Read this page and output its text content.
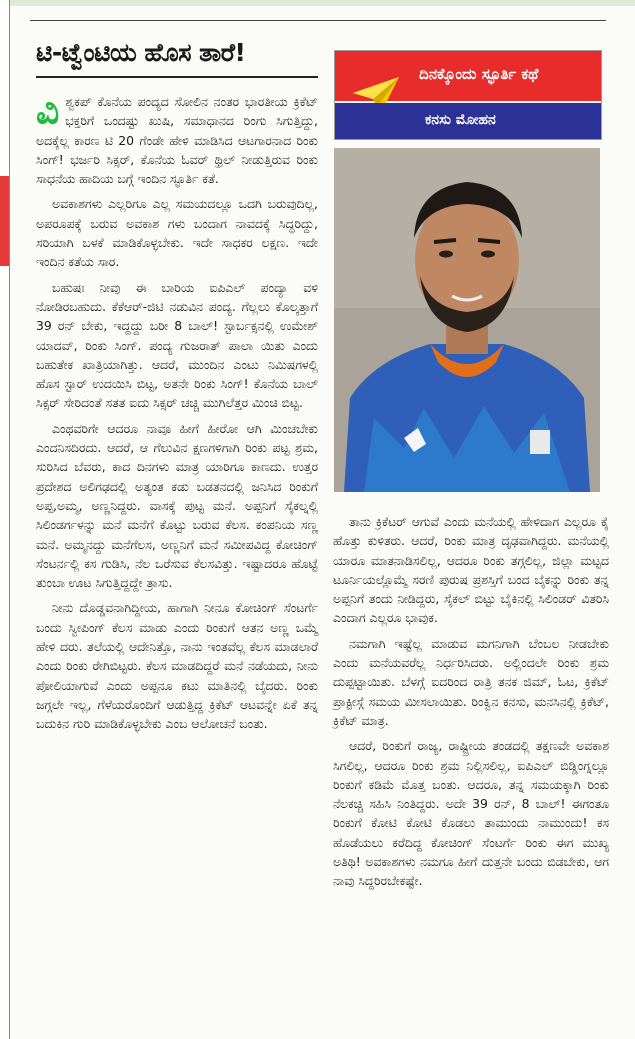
ಟಿ-ಟ್ವೆಂಟಿಯ ಹೊಸ ತಾರೆ!
ದಿನಕ್ಕೊಂದು ಸ್ಫೂರ್ತಿ ಕಥೆ
ಕನಸು ಮೋಹನ

ವಿಶ್ವಕಪ್ ಕೊನೆಯ ಪಂದ್ಯದ ಸೋಲಿನ ನಂತರ ಭಾರತೀಯ ಕ್ರಿಕೆಟ್ ಭಕ್ತರಿಗೆ ಒಂದಷ್ಟು ಖುಷಿ, ಸಮಾಧಾನದ ರಿಂಗು ಸಿಗುತ್ತಿದ್ದು, ಅದಕ್ಕೆಲ್ಲ ಕಾರಣ ಟಿ 20 ಗೆಂಡೇ ಹೇಳಿ ಮಾಡಿಸಿದ ಆಟಗಾರನಾದ ರಿಂಕು ಸಿಂಗ್! ಭರ್ಜರಿ ಸಿಕ್ಸರ್, ಕೊನೆಯ ಓವರ್ ಥ್ರಿಲ್ ನೀಡುತ್ತಿರುವ ರಿಂಕು ಸಾಧನೆಯ ಹಾದಿಯ ಬಗ್ಗೆ ಇಂದಿನ ಸ್ಫೂರ್ತಿ ಕತೆ.

ಅವಕಾಶಗಳು ಎಲ್ಲರಿಗೂ ಎಲ್ಲ ಸಮಯದಲ್ಲೂ ಒದಗಿ ಬರುವುದಿಲ್ಲ, ಅಪರೂಪಕ್ಕೆ ಬರುವ ಅವಕಾಶ ಗಳು ಬಂದಾಗ ನಾವದಕ್ಕೆ ಸಿದ್ಧರಿದ್ದು, ಸರಿಯಾಗಿ ಬಳಕೆ ಮಾಡಿಕೊಳ್ಳಬೇಕು. ಇದೇ ಸಾಧಕರ ಲಕ್ಷಣ. ಇದೇ ಇಂದಿನ ಕತೆಯ ಸಾರ.

ಬಹುಷಃ ನೀವು ಈ ಬಾರಿಯ ಐಪಿಎಲ್ ಪಂದ್ಯಾ ವಳಿ ನೋಡಿರಬಹುದು. ಕೆಕೆಆರ್-ಜಿಟಿ ನಡುವಿನ ಪಂದ್ಯ. ಗೆಲ್ಲಲು ಕೊಲ್ಕತ್ತಾಗೆ 39 ರನ್ ಬೇಕು, ಇದ್ದದ್ದು ಬರೀ 8 ಬಾಲ್! ಸ್ಟಾರ್ಬಕ್ಸನಲ್ಲಿ ಉಮೇಶ್ ಯಾದವ್, ರಿಂಕು ಸಿಂಗ್. ಪಂದ್ಯ ಗುಜರಾತ್ ಪಾಲಾ ಯಿತು ಎಂದು ಬಹುತೇಕ ಖಾತ್ರಿಯಾಗಿತ್ತು. ಆದರೆ, ಮುಂದಿನ ಎಂಟು ನಿಮಿಷಗಳಲ್ಲಿ ಹೊಸ ಸ್ಟಾರ್ ಉದಯಿಸಿ ಬಿಟ್ಟ, ಅತನೇ ರಿಂಕು ಸಿಂಗ್! ಕೊನೆಯ ಬಾಲ್ ಸಿಕ್ಸರ್ ಸೇರಿದಂತೆ ಸತತ ಐದು ಸಿಕ್ಸರ್ ಚಚ್ಚಿ ಮುಗಿಲೆತ್ತರ ಮಿಂಚಿ ಬಿಟ್ಟ.

ಎಂಥವರಿಗೇ ಆದರೂ ನಾವೂ ಹೀಗೆ ಹೀರೋ ಆಗಿ ಮಿಂಚಬೇಕು ಎಂದನಿಸದಿರದು. ಆದರೆ, ಆ ಗೆಲುವಿನ ಕ್ಷಣಗಳಿಗಾಗಿ ರಿಂಕು ಪಟ್ಟ ಶ್ರಮ, ಸುರಿಸಿದ ಬೆವರು, ಕಾದ ದಿನಗಳು ಮಾತ್ರ ಯಾರಿಗೂ ಕಾಣದು. ಉತ್ತರ ಪ್ರದೇಶದ ಅಲಿಗಢದಲ್ಲಿ ಅತ್ಯಂತ ಕಡು ಬಡತನದಲ್ಲಿ ಜನಿಸಿದ ರಿಂಕುಗೆ ಅಪ್ಪ,ಅಮ್ಮ, ಅಣ್ಣನಿದ್ದರು. ವಾಸಕ್ಕೆ ಪುಟ್ಟ ಮನೆ. ಅಪ್ಪನಿಗೆ ಸೈಕಲ್ನಲ್ಲಿ ಸಿಲಿಂಡರ್ಗಳನ್ನು ಮನೆ ಮನೆಗೆ ಕೊಟ್ಟು ಬರುವ ಕೆಲಸ. ಕಂಪನಿಯ ಸಣ್ಣ ಮನೆ. ಅಮ್ಮನದ್ದು ಮನೆಗೆಲಸ, ಅಣ್ಣನಿಗೆ ಮನೆ ಸಮೀಪವಿದ್ದ ಕೋಚಿಂಗ್ ಸೆಂಟರ್ನಲ್ಲಿ ಕಸ ಗುಡಿಸಿ, ನೆಲ ಒರೆಸುವ ಕೆಲಸವಿತ್ತು. ಇಷ್ಟಾದರೂ ಹೊಟ್ಟೆ ತುಂಬಾ ಊಟ ಸಿಗುತ್ತಿದ್ದದ್ದೇ ತ್ರಾಸು.

ನೀನು ದೊಡ್ಡವನಾಗಿದ್ದೀಯ, ಹಾಗಾಗಿ ನೀನೂ ಕೋಚಿಂಗ್ ಸೆಂಟರ್ಗೆ ಬಂದು ಸ್ವೀಪಿಂಗ್ ಕೆಲಸ ಮಾಡು ಎಂದು ರಿಂಕುಗೆ ಆತನ ಅಣ್ಣ ಒಮ್ಮೆ ಹೇಳಿ ದರು. ತಲೆಯಲ್ಲಿ ಆದೇನಿತ್ತೊ, ನಾನು ಇಂತವೆಲ್ಲ ಕೆಲಸ ಮಾಡಲಾರೆ ಎಂದು ರಿಂಕು ರೇಗಿಬಿಟ್ಟರು. ಕೆಲಸ ಮಾಡದಿದ್ದರೆ ಮನೆ ನಡೆಯದು, ನೀನು ಪೋಲಿಯಾಗುವೆ ಎಂದು ಅಪ್ಪನೂ ಕಟು ಮಾತಿನಲ್ಲಿ ಬೈದರು. ರಿಂಕು ಜಗ್ಗಲೇ ಇಲ್ಲ, ಗೆಳೆಯರೊಂದಿಗೆ ಆಡುತ್ತಿದ್ದ ಕ್ರಿಕೆಟ್ ಆಟವನ್ನೇ ಏಕೆ ತನ್ನ ಬದುಕಿನ ಗುರಿ ಮಾಡಿಕೊಳ್ಳಬೇಕು ಎಂಬ ಆಲೋಚನೆ ಬಂತು.

ತಾನು ಕ್ರಿಕೆಟರ್ ಆಗುವೆ ಎಂದು ಮನೆಯಲ್ಲಿ ಹೇಳಿದಾಗ ಎಲ್ಲರೂ ಕೈ ಹೊತ್ತು ಕುಳಿತರು. ಆದರೆ, ರಿಂಕು ಮಾತ್ರ ದೃಢವಾಗಿದ್ದರು. ಮನೆಯಲ್ಲಿ ಯಾರೂ ಮಾತನಾಡಿಸಲಿಲ್ಲ, ಆದರೂ ರಿಂಕು ತಗ್ಗಲಿಲ್ಲ, ಜಿಲ್ಲಾ ಮಟ್ಟದ ಟೂರ್ನಿಯಲ್ಲೊಮ್ಮೆ ಸರಣಿ ಪುರುಷ ಪ್ರಶಸ್ತಿಗೆ ಬಂದ ಬೈಕನ್ನು ರಿಂಕು ತನ್ನ ಅಪ್ಪನಿಗೆ ತಂದು ನೀಡಿದ್ದರು, ಸೈಕಲ್ ಬಿಟ್ಟು ಬೈಕಿನಲ್ಲಿ ಸಿಲಿಂಡರ್ ವಿತರಿಸಿ ಎಂದಾಗ ಎಲ್ಲರೂ ಭಾವುಕ.

ನಮಗಾಗಿ ಇಷ್ಟೆಲ್ಲ ಮಾಡುವ ಮಗನಿಗಾಗಿ ಬೆಂಬಲ ನೀಡಬೇಕು ಎಂದು ಮನೆಯವರೆಲ್ಲ ನಿರ್ಧರಿಸಿದರು. ಅಲ್ಲಿಂದಲೇ ರಿಂಕು ಶ್ರಮ ದುಪ್ಪಟ್ಟಾಯಿತು. ಬೆಳಗ್ಗೆ ಐದರಿಂದ ರಾತ್ರಿ ತನಕ ಜಿಮ್, ಓಟ, ಕ್ರಿಕೆಟ್ ಪ್ರಾಕ್ಟೀಸ್ಗೆ ಸಮಯ ಮೀಸಲಾಯಿತು. ರಿಂಕ್ವಿನ ಕನಸು, ಮನಸಿನಲ್ಲಿ ಕ್ರಿಕೆಟ್, ಕ್ರಿಕೆಟ್ ಮಾತ್ರ.

ಆದರೆ, ರಿಂಕುಗೆ ರಾಜ್ಯ, ರಾಷ್ಟ್ರೀಯ ತಂಡದಲ್ಲಿ ತಕ್ಷಣವೇ ಅವಕಾಶ ಸಿಗಲಿಲ್ಲ, ಆದರೂ ರಿಂಕು ಶ್ರಮ ನಿಲ್ಲಿಸಲಿಲ್ಲ, ಐಪಿಎಲ್ ಬಿಡ್ಡಿಂಗ್ನಲ್ಲೂ ರಿಂಕುಗೆ ಕಡಿಮೆ ಮೊತ್ತ ಬಂತು. ಆದರೂ, ತನ್ನ ಸಮಯಕ್ಕಾಗಿ ರಿಂಕು ನೆಲಕಚ್ಚಿ ಸಹಿಸಿ ನಿಂತಿದ್ದರು. ಅದೇ 39 ರನ್, 8 ಬಾಲ್! ಈಗಂತೂ ರಿಂಕುಗೆ ಕೋಟಿ ಕೋಟಿ ಕೊಡಲು ತಾಮುಂದು ನಾಮುಂದು! ಕಸ ಹೊಡೆಯಲು ಕರೆದಿದ್ದ ಕೋಚಿಂಗ್ ಸೆಂಟರ್ಗೆ ರಿಂಕು ಈಗ ಮುಖ್ಯ ಅತಿಥಿ! ಅವಕಾಶಗಳು ನಮಗೂ ಹೀಗೆ ದುತ್ತನೇ ಬಂದು ಬಿಡಬೇಕು, ಆಗ ನಾವು ಸಿದ್ದರಿರಬೇಕಷ್ಟೇ.
